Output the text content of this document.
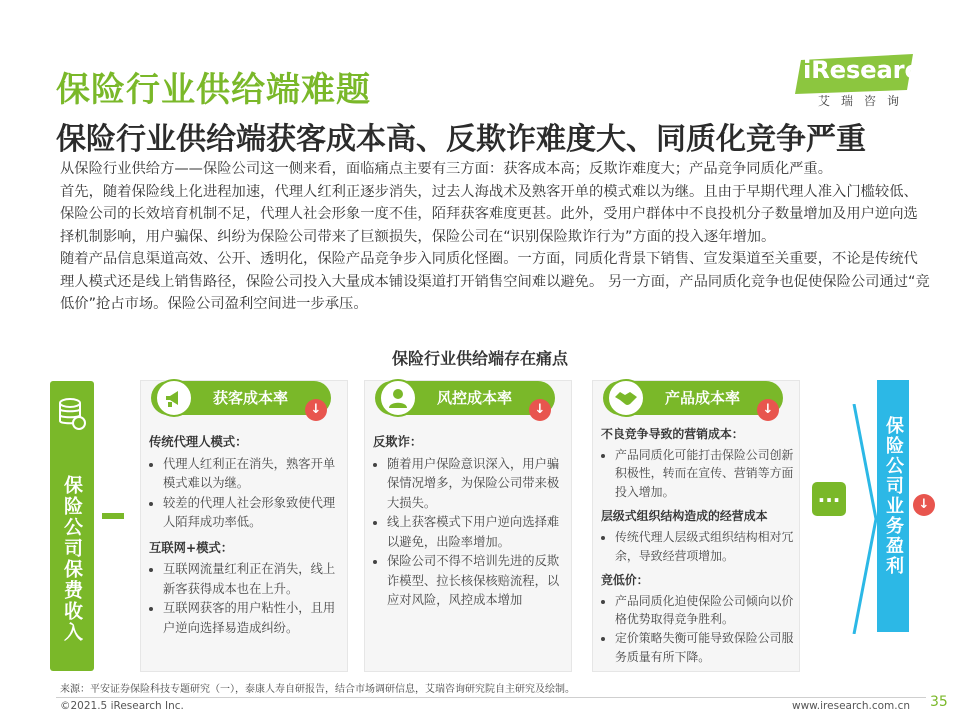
保险行业供给端难题
保险行业供给端获客成本高、反欺诈难度大、同质化竞争严重
iResearch
艾瑞咨询

从保险行业供给方——保险公司这一侧来看，面临痛点主要有三方面：获客成本高；反欺诈难度大；产品竞争同质化严重。

首先，随着保险线上化进程加速，代理人红利正逐步消失，过去人海战术及熟客开单的模式难以为继。且由于早期代理人准入门槛较低、保险公司的长效培育机制不足，代理人社会形象一度不佳，陌拜获客难度更甚。此外，受用户群体中不良投机分子数量增加及用户逆向选择机制影响，用户骗保、纠纷为保险公司带来了巨额损失，保险公司在“识别保险欺诈行为”方面的投入逐年增加。

随着产品信息渠道高效、公开、透明化，保险产品竞争步入同质化怪圈。一方面，同质化背景下销售、宣发渠道至关重要，不论是传统代理人模式还是线上销售路径，保险公司投入大量成本铺设渠道打开销售空间难以避免。 另一方面，产品同质化竞争也促使保险公司通过“竞低价”抢占市场。保险公司盈利空间进一步承压。

保险行业供给端存在痛点
保险公司保费收入
获客成本率
↓
传统代理人模式：
• 代理人红利正在消失，熟客开单模式难以为继。
• 较差的代理人社会形象致使代理人陌拜成功率低。
互联网+模式：
• 互联网流量红利正在消失，线上新客获得成本也在上升。
• 互联网获客的用户粘性小，且用户逆向选择易造成纠纷。
风控成本率
↓
反欺诈：
• 随着用户保险意识深入，用户骗保情况增多，为保险公司带来极大损失。
• 线上获客模式下用户逆向选择难以避免，出险率增加。
• 保险公司不得不培训先进的反欺诈模型、拉长核保核赔流程，以应对风险，风控成本增加
产品成本率
↓
不良竞争导致的营销成本：
• 产品同质化可能打击保险公司创新积极性，转而在宣传、营销等方面投入增加。
层级式组织结构造成的经营成本
• 传统代理人层级式组织结构相对冗余，导致经营项增加。
竞低价：
• 产品同质化迫使保险公司倾向以价格优势取得竞争胜利。
• 定价策略失衡可能导致保险公司服务质量有所下降。
...	保险公司业务盈利	↓
来源：平安证券保险科技专题研究（一），泰康人寿自研报告，结合市场调研信息，艾瑞咨询研究院自主研究及绘制。
©2021.5 iResearch Inc.	www.iresearch.com.cn 35
